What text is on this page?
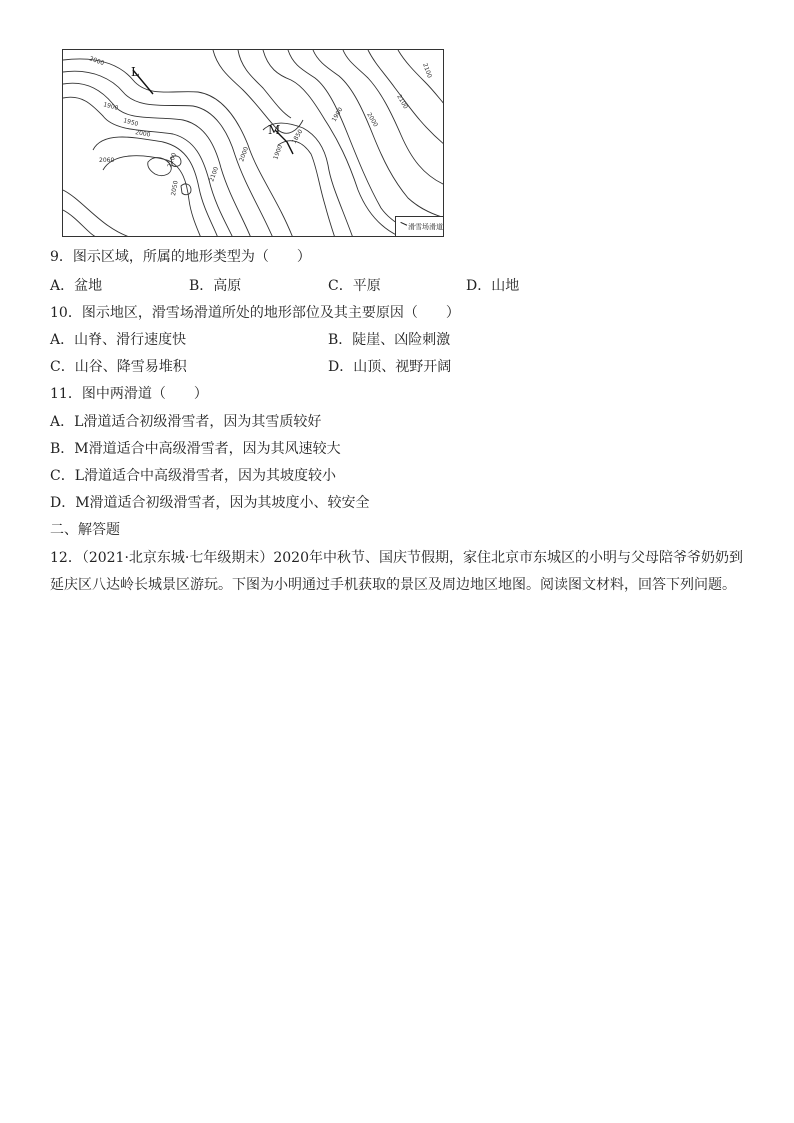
L
M
2060
2000
1950
1900
2000
2100
1850
1900
2000
2100
2050
2000
1900
2100
2100
滑雪场滑道
9．图示区域，所属的地形类型为（　　）
A．盆地	B．高原	C．平原	D．山地
10．图示地区，滑雪场滑道所处的地形部位及其主要原因（　　）
A．山脊、滑行速度快	B．陡崖、凶险刺激
C．山谷、降雪易堆积	D．山顶、视野开阔
11．图中两滑道（　　）
A．L滑道适合初级滑雪者，因为其雪质较好
B．M滑道适合中高级滑雪者，因为其风速较大
C．L滑道适合中高级滑雪者，因为其坡度较小
D．M滑道适合初级滑雪者，因为其坡度小、较安全
二、解答题
12．（2021·北京东城·七年级期末）2020年中秋节、国庆节假期，家住北京市东城区的小明与父母陪爷爷奶奶到延庆区八达岭长城景区游玩。下图为小明通过手机获取的景区及周边地区地图。阅读图文材料，回答下列问题。
